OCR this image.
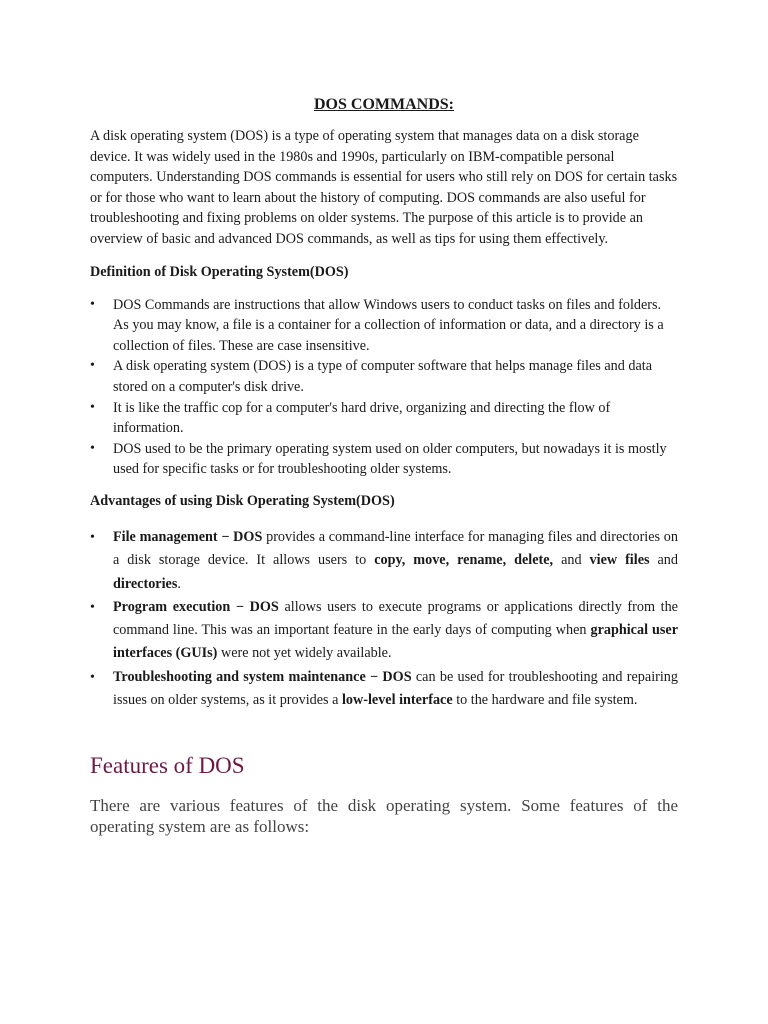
DOS COMMANDS:

A disk operating system (DOS) is a type of operating system that manages data on a disk storage device. It was widely used in the 1980s and 1990s, particularly on IBM-compatible personal computers. Understanding DOS commands is essential for users who still rely on DOS for certain tasks or for those who want to learn about the history of computing. DOS commands are also useful for troubleshooting and fixing problems on older systems. The purpose of this article is to provide an overview of basic and advanced DOS commands, as well as tips for using them effectively.

Definition of Disk Operating System(DOS)

• DOS Commands are instructions that allow Windows users to conduct tasks on files and folders. As you may know, a file is a container for a collection of information or data, and a directory is a collection of files. These are case insensitive.
• A disk operating system (DOS) is a type of computer software that helps manage files and data stored on a computer's disk drive.
• It is like the traffic cop for a computer's hard drive, organizing and directing the flow of information.
• DOS used to be the primary operating system used on older computers, but nowadays it is mostly used for specific tasks or for troubleshooting older systems.

Advantages of using Disk Operating System(DOS)

• File management − DOS provides a command-line interface for managing files and directories on a disk storage device. It allows users to copy, move, rename, delete, and view files and directories.
• Program execution − DOS allows users to execute programs or applications directly from the command line. This was an important feature in the early days of computing when graphical user interfaces (GUIs) were not yet widely available.
• Troubleshooting and system maintenance − DOS can be used for troubleshooting and repairing issues on older systems, as it provides a low-level interface to the hardware and file system.
Features of DOS

There are various features of the disk operating system. Some features of the operating system are as follows:
